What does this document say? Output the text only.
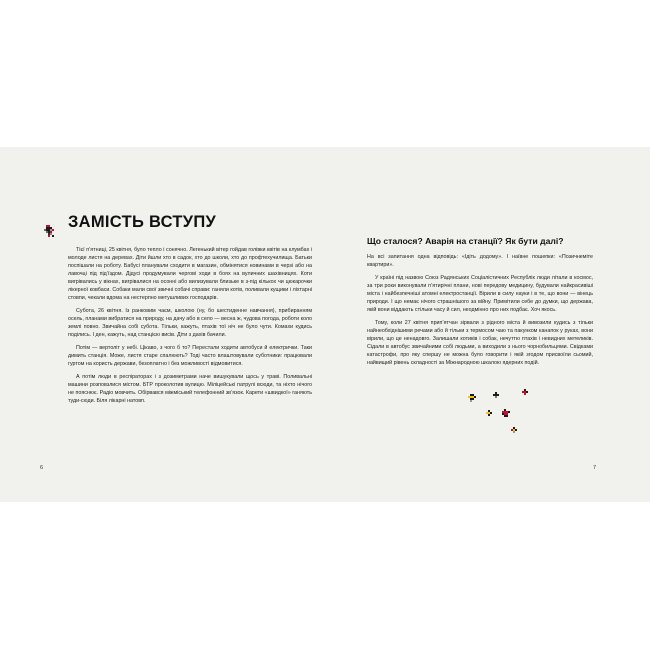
ЗАМІСТЬ ВСТУПУ

Тієї п’ятниці, 25 квітня, було тепло і сонячно. Легенький вітер гойдав голівки квітів на клумбах і молоде листя на деревах. Діти йшли хто в садок, хто до школи, хто до профтехучилища. Батьки поспішали на роботу. Бабусі планували сходити в магазин, обмінятися новинами в черзі або на лавочці під під’їздом. Дідусі продумували чергові ходи в боях на вуличних шахівницях. Коти вигрівались у вікнах, вигрівалися на осонні або вилизували близьке в з-під кількох чи цюкарочки лікерної ковбаси. Собаки мали свої звичні собачі справи: ганяли котів, поливали кущики і ліхтарні стовпи, чекали вдома на нестерпно метушливих господарів.

Субота, 26 квітня. Із ранковим чаєм, школою (ну, бо шестиденне навчання), прибиранням осель, планами вибратися на природу, на дачу або в село — весна ж, чудова погода, роботи коло землі повно. Звичайна собі субота. Тільки, кажуть, птахів тої ніч не було чути. Комахи кудись поділись. І ден, кажуть, над станцією висів. Діти з дахів бачили.

Потім — вертоліт у небі. Цікаво, з чого б то? Перестали ходити автобуси й електрички. Таки димить станція. Може, листя старе спалюють? Тоді часто влаштовували суботники: працювали гуртом на користь держави, безоплатно і без можливості відмовитися.

А потім люди в респіраторах і з дозиметрами наче вишукували щось у траві. Поливальні машини розповзлися містом. БТР проколотив вулицю. Міліцейські патрулі всюди, та ніхто нічого не пояснює. Радіо мовчить. Обірвався міжміський телефонний зв’язок. Карети «швидкої» ганяють туди-сюди. Біля лікарні натовп.

6
Що сталося? Аварія на станції? Як бути далі?

На всі запитання одна відповідь: «Ідіть додому». І наївне пошепки: «Позичнеміте квартири».

У країні під назвою Союз Радянських Соціалістичних Республік люди літали в космос, за три роки виконували п’ятирічні плани, нові передову медицину, будували найкрасивіші міста і найбезпечніші атомні електростанції. Вірили в силу науки і в те, що вони — вінець природи. І що немає нічого страшнішого за війну. Примітили себе до думки, що держава, якій вони віддають стільки часу й сил, неодмінно про них подбає. Хоч якось.

Тому, коли 27 квітня прип’ятчан зірвали з рідного міста й вивозили кудись з тільки найнеобхіднішими речами або й тільки з термосом чаю та пакунком канапок у руках, вони вірили, що це ненадовго. Залишали котиків і собак, нечуттю птахів і невидних метеликів. Сідали в автобус звичайними собі людьми, а виходили з нього чорнобильцями. Свідками катастрофи, про яку спершу не можна було говорити і якій згодом присвоїли сьомий, найвищий рівень складності за Міжнародною шкалою ядерних подій.

7
